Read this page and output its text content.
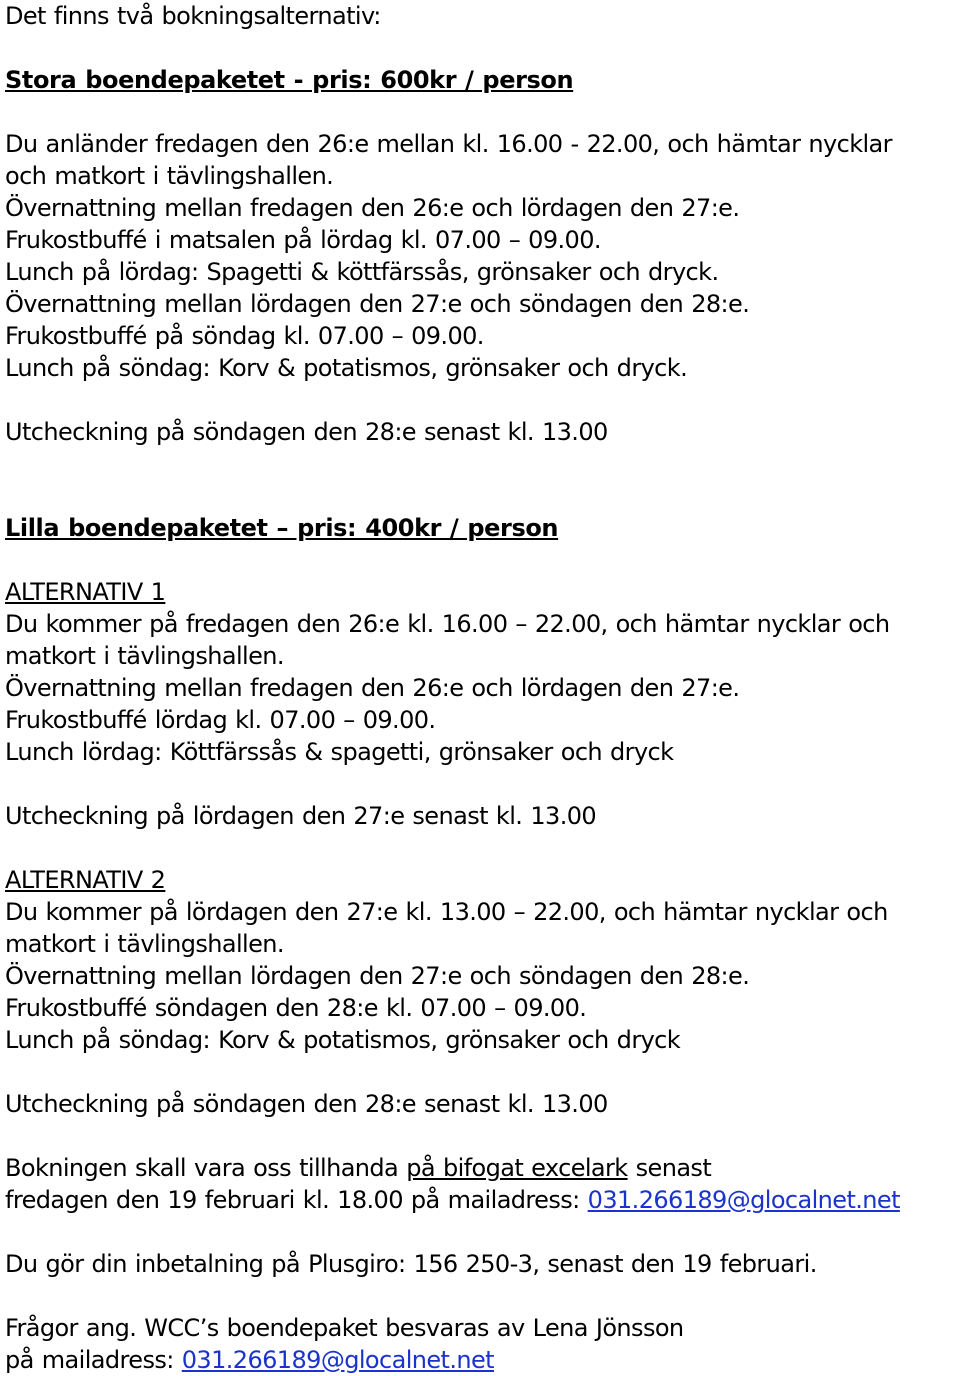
Det finns två bokningsalternativ:

Stora boendepaketet - pris: 600kr / person

Du anländer fredagen den 26:e mellan kl. 16.00 - 22.00, och hämtar nycklar

och matkort i tävlingshallen.

Övernattning mellan fredagen den 26:e och lördagen den 27:e.

Frukostbuffé i matsalen på lördag kl. 07.00 – 09.00.

Lunch på lördag: Spagetti & köttfärssås, grönsaker och dryck.

Övernattning mellan lördagen den 27:e och söndagen den 28:e.

Frukostbuffé på söndag kl. 07.00 – 09.00.

Lunch på söndag: Korv & potatismos, grönsaker och dryck.

Utcheckning på söndagen den 28:e senast kl. 13.00

Lilla boendepaketet – pris: 400kr / person

ALTERNATIV 1

Du kommer på fredagen den 26:e kl. 16.00 – 22.00, och hämtar nycklar och

matkort i tävlingshallen.

Övernattning mellan fredagen den 26:e och lördagen den 27:e.

Frukostbuffé lördag kl. 07.00 – 09.00.

Lunch lördag: Köttfärssås & spagetti, grönsaker och dryck

Utcheckning på lördagen den 27:e senast kl. 13.00

ALTERNATIV 2

Du kommer på lördagen den 27:e kl. 13.00 – 22.00, och hämtar nycklar och

matkort i tävlingshallen.

Övernattning mellan lördagen den 27:e och söndagen den 28:e.

Frukostbuffé söndagen den 28:e kl. 07.00 – 09.00.

Lunch på söndag: Korv & potatismos, grönsaker och dryck

Utcheckning på söndagen den 28:e senast kl. 13.00

Bokningen skall vara oss tillhanda på bifogat excelark senast

fredagen den 19 februari kl. 18.00 på mailadress: 031.266189@glocalnet.net

Du gör din inbetalning på Plusgiro: 156 250-3, senast den 19 februari.

Frågor ang. WCC’s boendepaket besvaras av Lena Jönsson

på mailadress: 031.266189@glocalnet.net
